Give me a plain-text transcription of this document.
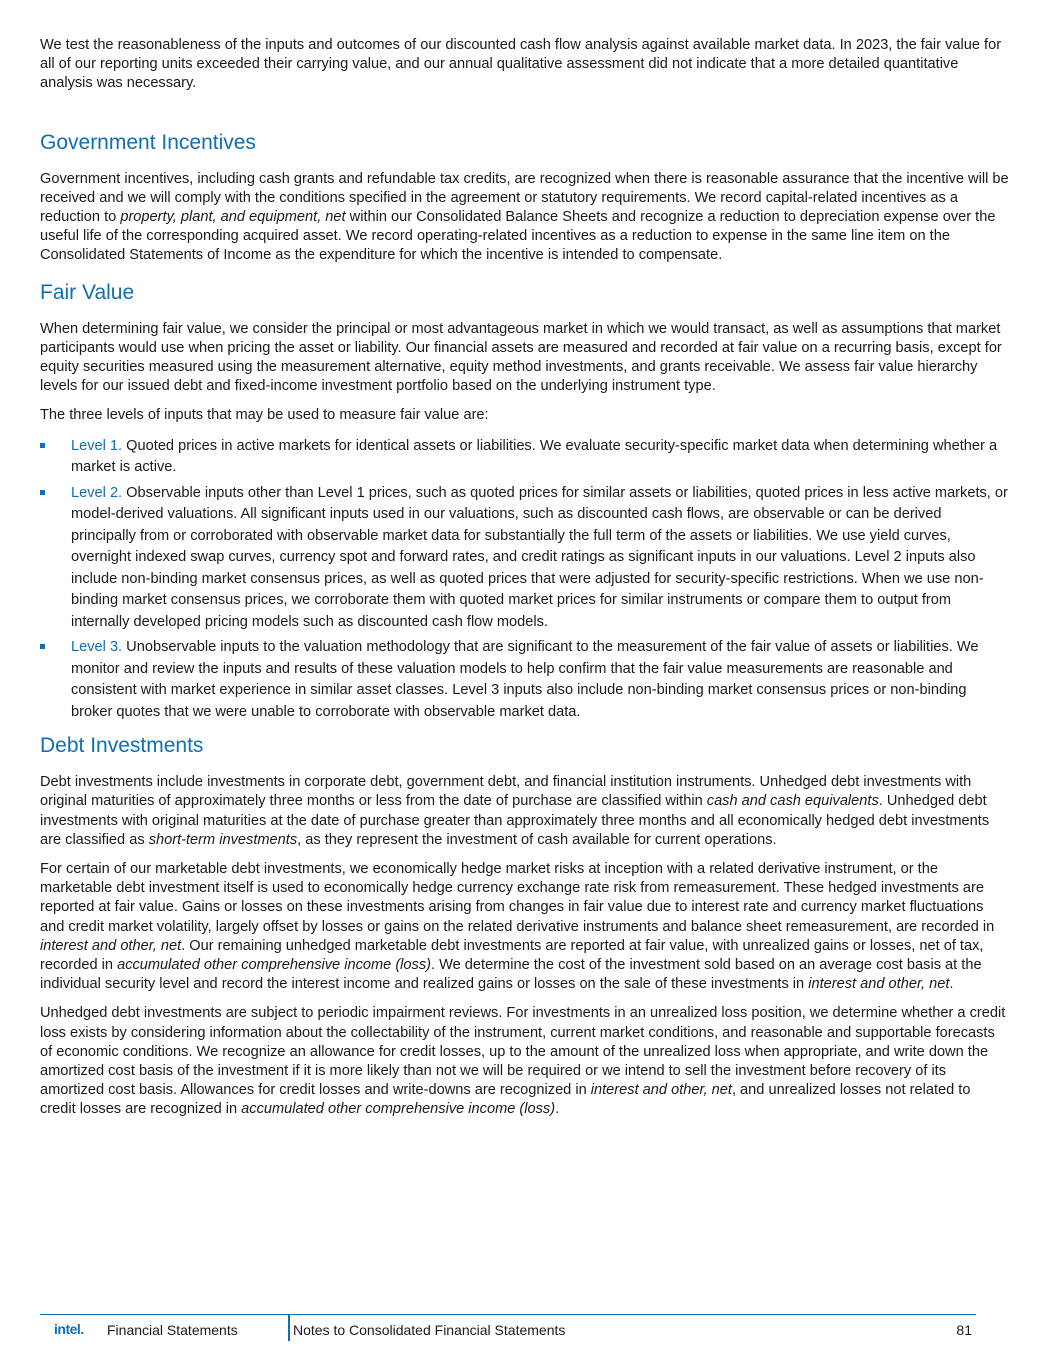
We test the reasonableness of the inputs and outcomes of our discounted cash flow analysis against available market data. In 2023, the fair value for all of our reporting units exceeded their carrying value, and our annual qualitative assessment did not indicate that a more detailed quantitative analysis was necessary.

Government Incentives

Government incentives, including cash grants and refundable tax credits, are recognized when there is reasonable assurance that the incentive will be received and we will comply with the conditions specified in the agreement or statutory requirements. We record capital-related incentives as a reduction to property, plant, and equipment, net within our Consolidated Balance Sheets and recognize a reduction to depreciation expense over the useful life of the corresponding acquired asset. We record operating-related incentives as a reduction to expense in the same line item on the Consolidated Statements of Income as the expenditure for which the incentive is intended to compensate.

Fair Value

When determining fair value, we consider the principal or most advantageous market in which we would transact, as well as assumptions that market participants would use when pricing the asset or liability. Our financial assets are measured and recorded at fair value on a recurring basis, except for equity securities measured using the measurement alternative, equity method investments, and grants receivable. We assess fair value hierarchy levels for our issued debt and fixed-income investment portfolio based on the underlying instrument type.

The three levels of inputs that may be used to measure fair value are:

Level 1. Quoted prices in active markets for identical assets or liabilities. We evaluate security-specific market data when determining whether a market is active.
Level 2. Observable inputs other than Level 1 prices, such as quoted prices for similar assets or liabilities, quoted prices in less active markets, or model-derived valuations. All significant inputs used in our valuations, such as discounted cash flows, are observable or can be derived principally from or corroborated with observable market data for substantially the full term of the assets or liabilities. We use yield curves, overnight indexed swap curves, currency spot and forward rates, and credit ratings as significant inputs in our valuations. Level 2 inputs also include non-binding market consensus prices, as well as quoted prices that were adjusted for security-specific restrictions. When we use non-binding market consensus prices, we corroborate them with quoted market prices for similar instruments or compare them to output from internally developed pricing models such as discounted cash flow models.
Level 3. Unobservable inputs to the valuation methodology that are significant to the measurement of the fair value of assets or liabilities. We monitor and review the inputs and results of these valuation models to help confirm that the fair value measurements are reasonable and consistent with market experience in similar asset classes. Level 3 inputs also include non-binding market consensus prices or non-binding broker quotes that we were unable to corroborate with observable market data.
Debt Investments

Debt investments include investments in corporate debt, government debt, and financial institution instruments. Unhedged debt investments with original maturities of approximately three months or less from the date of purchase are classified within cash and cash equivalents. Unhedged debt investments with original maturities at the date of purchase greater than approximately three months and all economically hedged debt investments are classified as short-term investments, as they represent the investment of cash available for current operations.

For certain of our marketable debt investments, we economically hedge market risks at inception with a related derivative instrument, or the marketable debt investment itself is used to economically hedge currency exchange rate risk from remeasurement. These hedged investments are reported at fair value. Gains or losses on these investments arising from changes in fair value due to interest rate and currency market fluctuations and credit market volatility, largely offset by losses or gains on the related derivative instruments and balance sheet remeasurement, are recorded in interest and other, net. Our remaining unhedged marketable debt investments are reported at fair value, with unrealized gains or losses, net of tax, recorded in accumulated other comprehensive income (loss). We determine the cost of the investment sold based on an average cost basis at the individual security level and record the interest income and realized gains or losses on the sale of these investments in interest and other, net.

Unhedged debt investments are subject to periodic impairment reviews. For investments in an unrealized loss position, we determine whether a credit loss exists by considering information about the collectability of the instrument, current market conditions, and reasonable and supportable forecasts of economic conditions. We recognize an allowance for credit losses, up to the amount of the unrealized loss when appropriate, and write down the amortized cost basis of the investment if it is more likely than not we will be required or we intend to sell the investment before recovery of its amortized cost basis. Allowances for credit losses and write-downs are recognized in interest and other, net, and unrealized losses not related to credit losses are recognized in accumulated other comprehensive income (loss).

intel. Financial Statements	Notes to Consolidated Financial Statements	81
